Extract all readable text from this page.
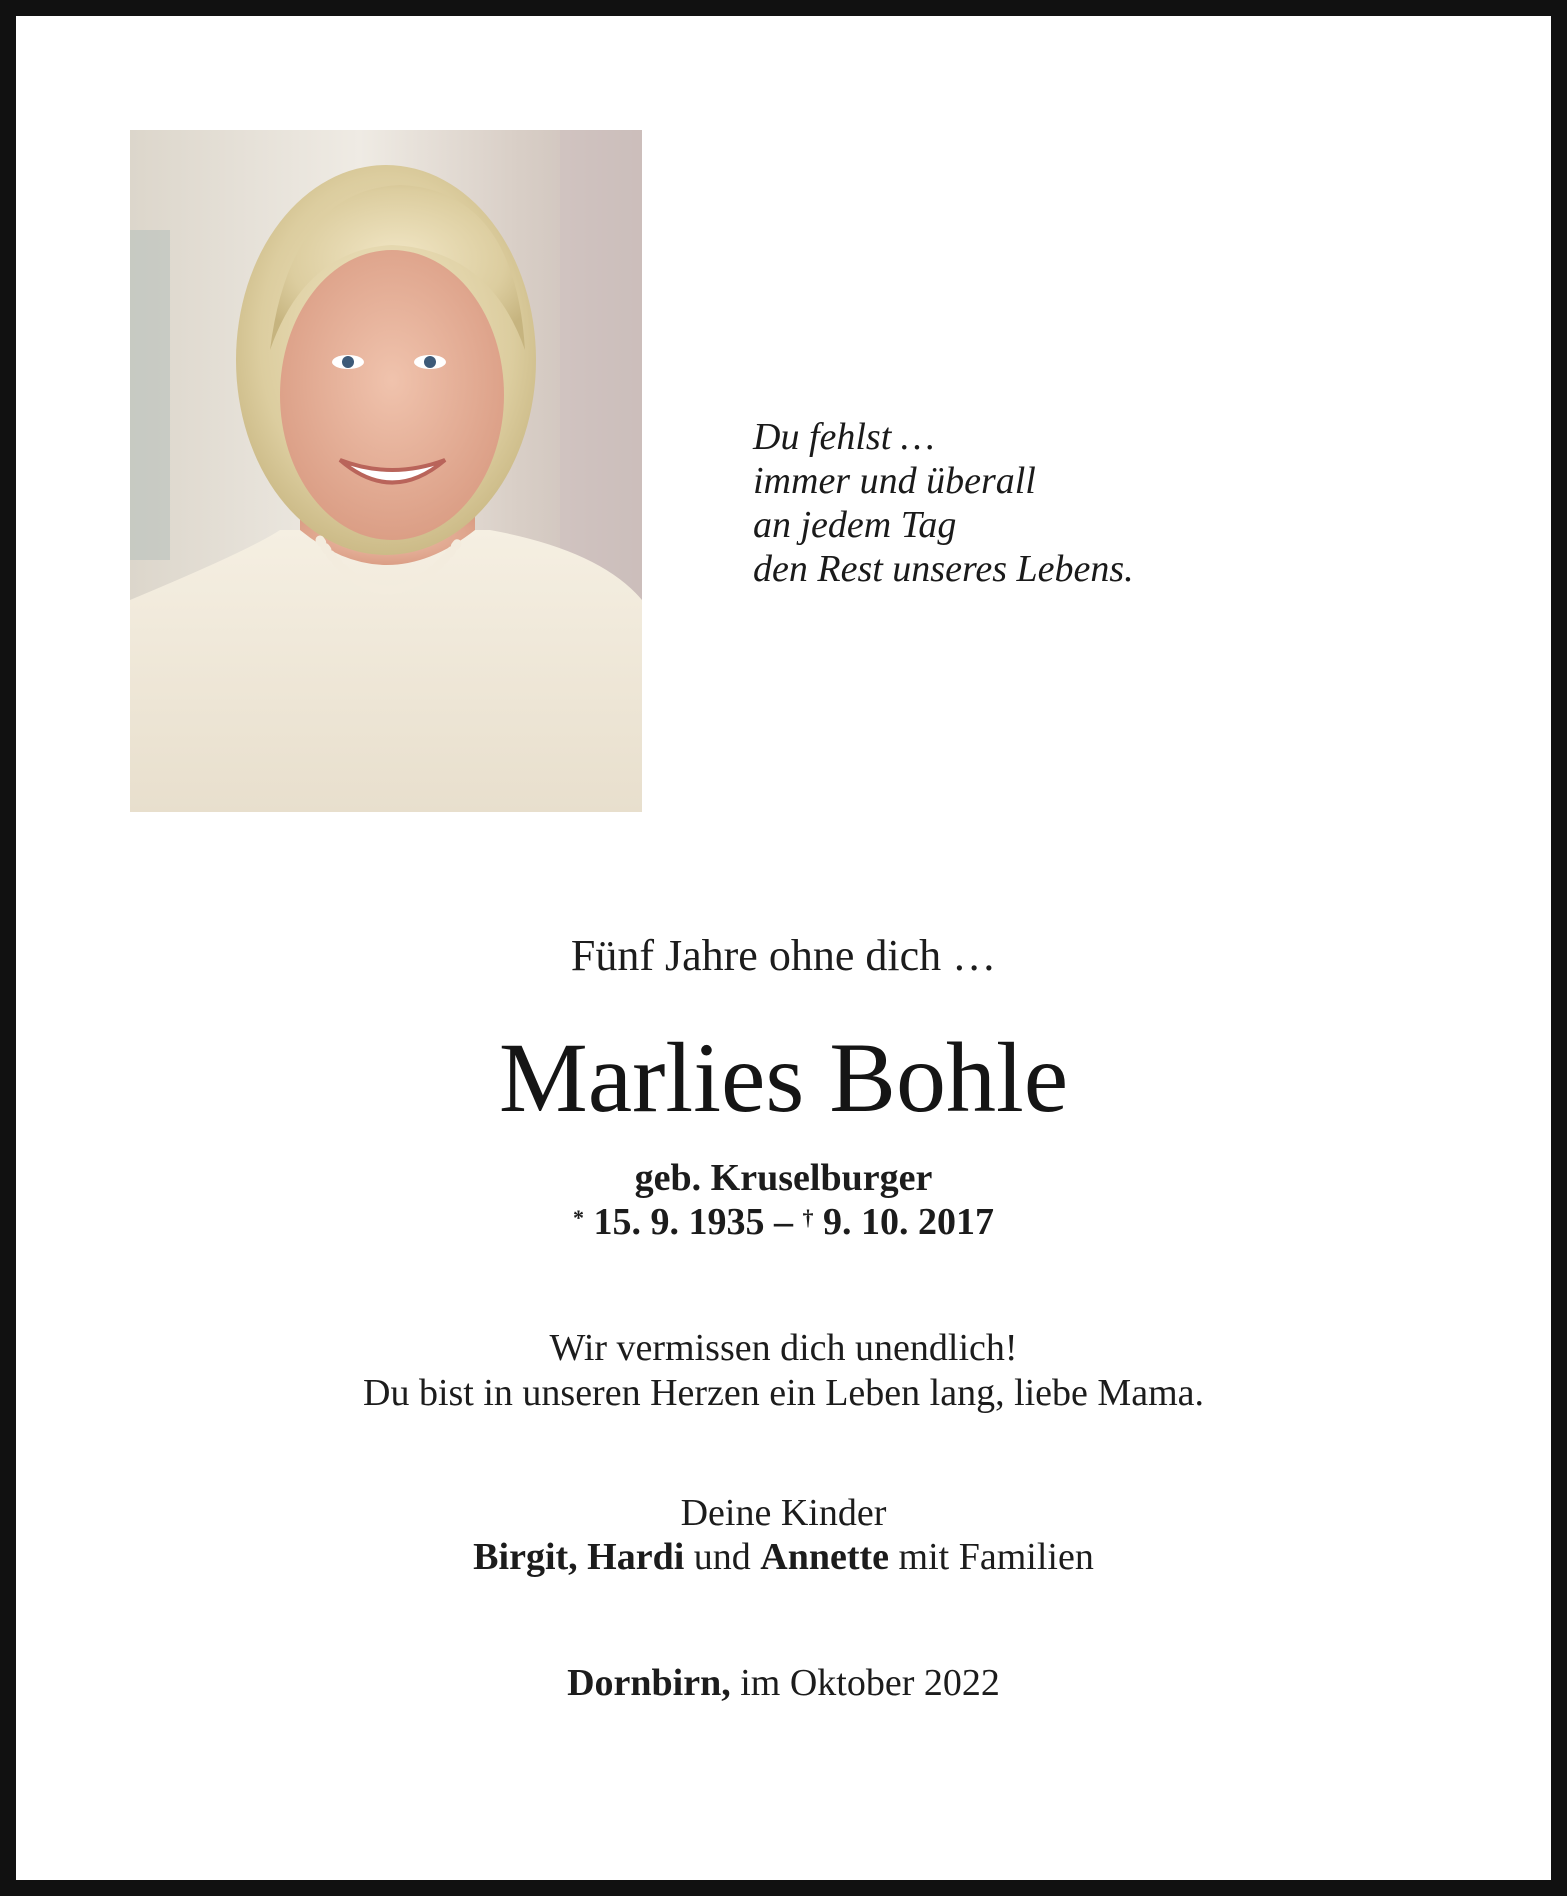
Du fehlst …
immer und überall
an jedem Tag
den Rest unseres Lebens.
Fünf Jahre ohne dich …
Marlies Bohle
geb. Kruselburger
* 15. 9. 1935 – † 9. 10. 2017
Wir vermissen dich unendlich!
Du bist in unseren Herzen ein Leben lang, liebe Mama.
Deine Kinder
Birgit, Hardi und Annette mit Familien
Dornbirn, im Oktober 2022
